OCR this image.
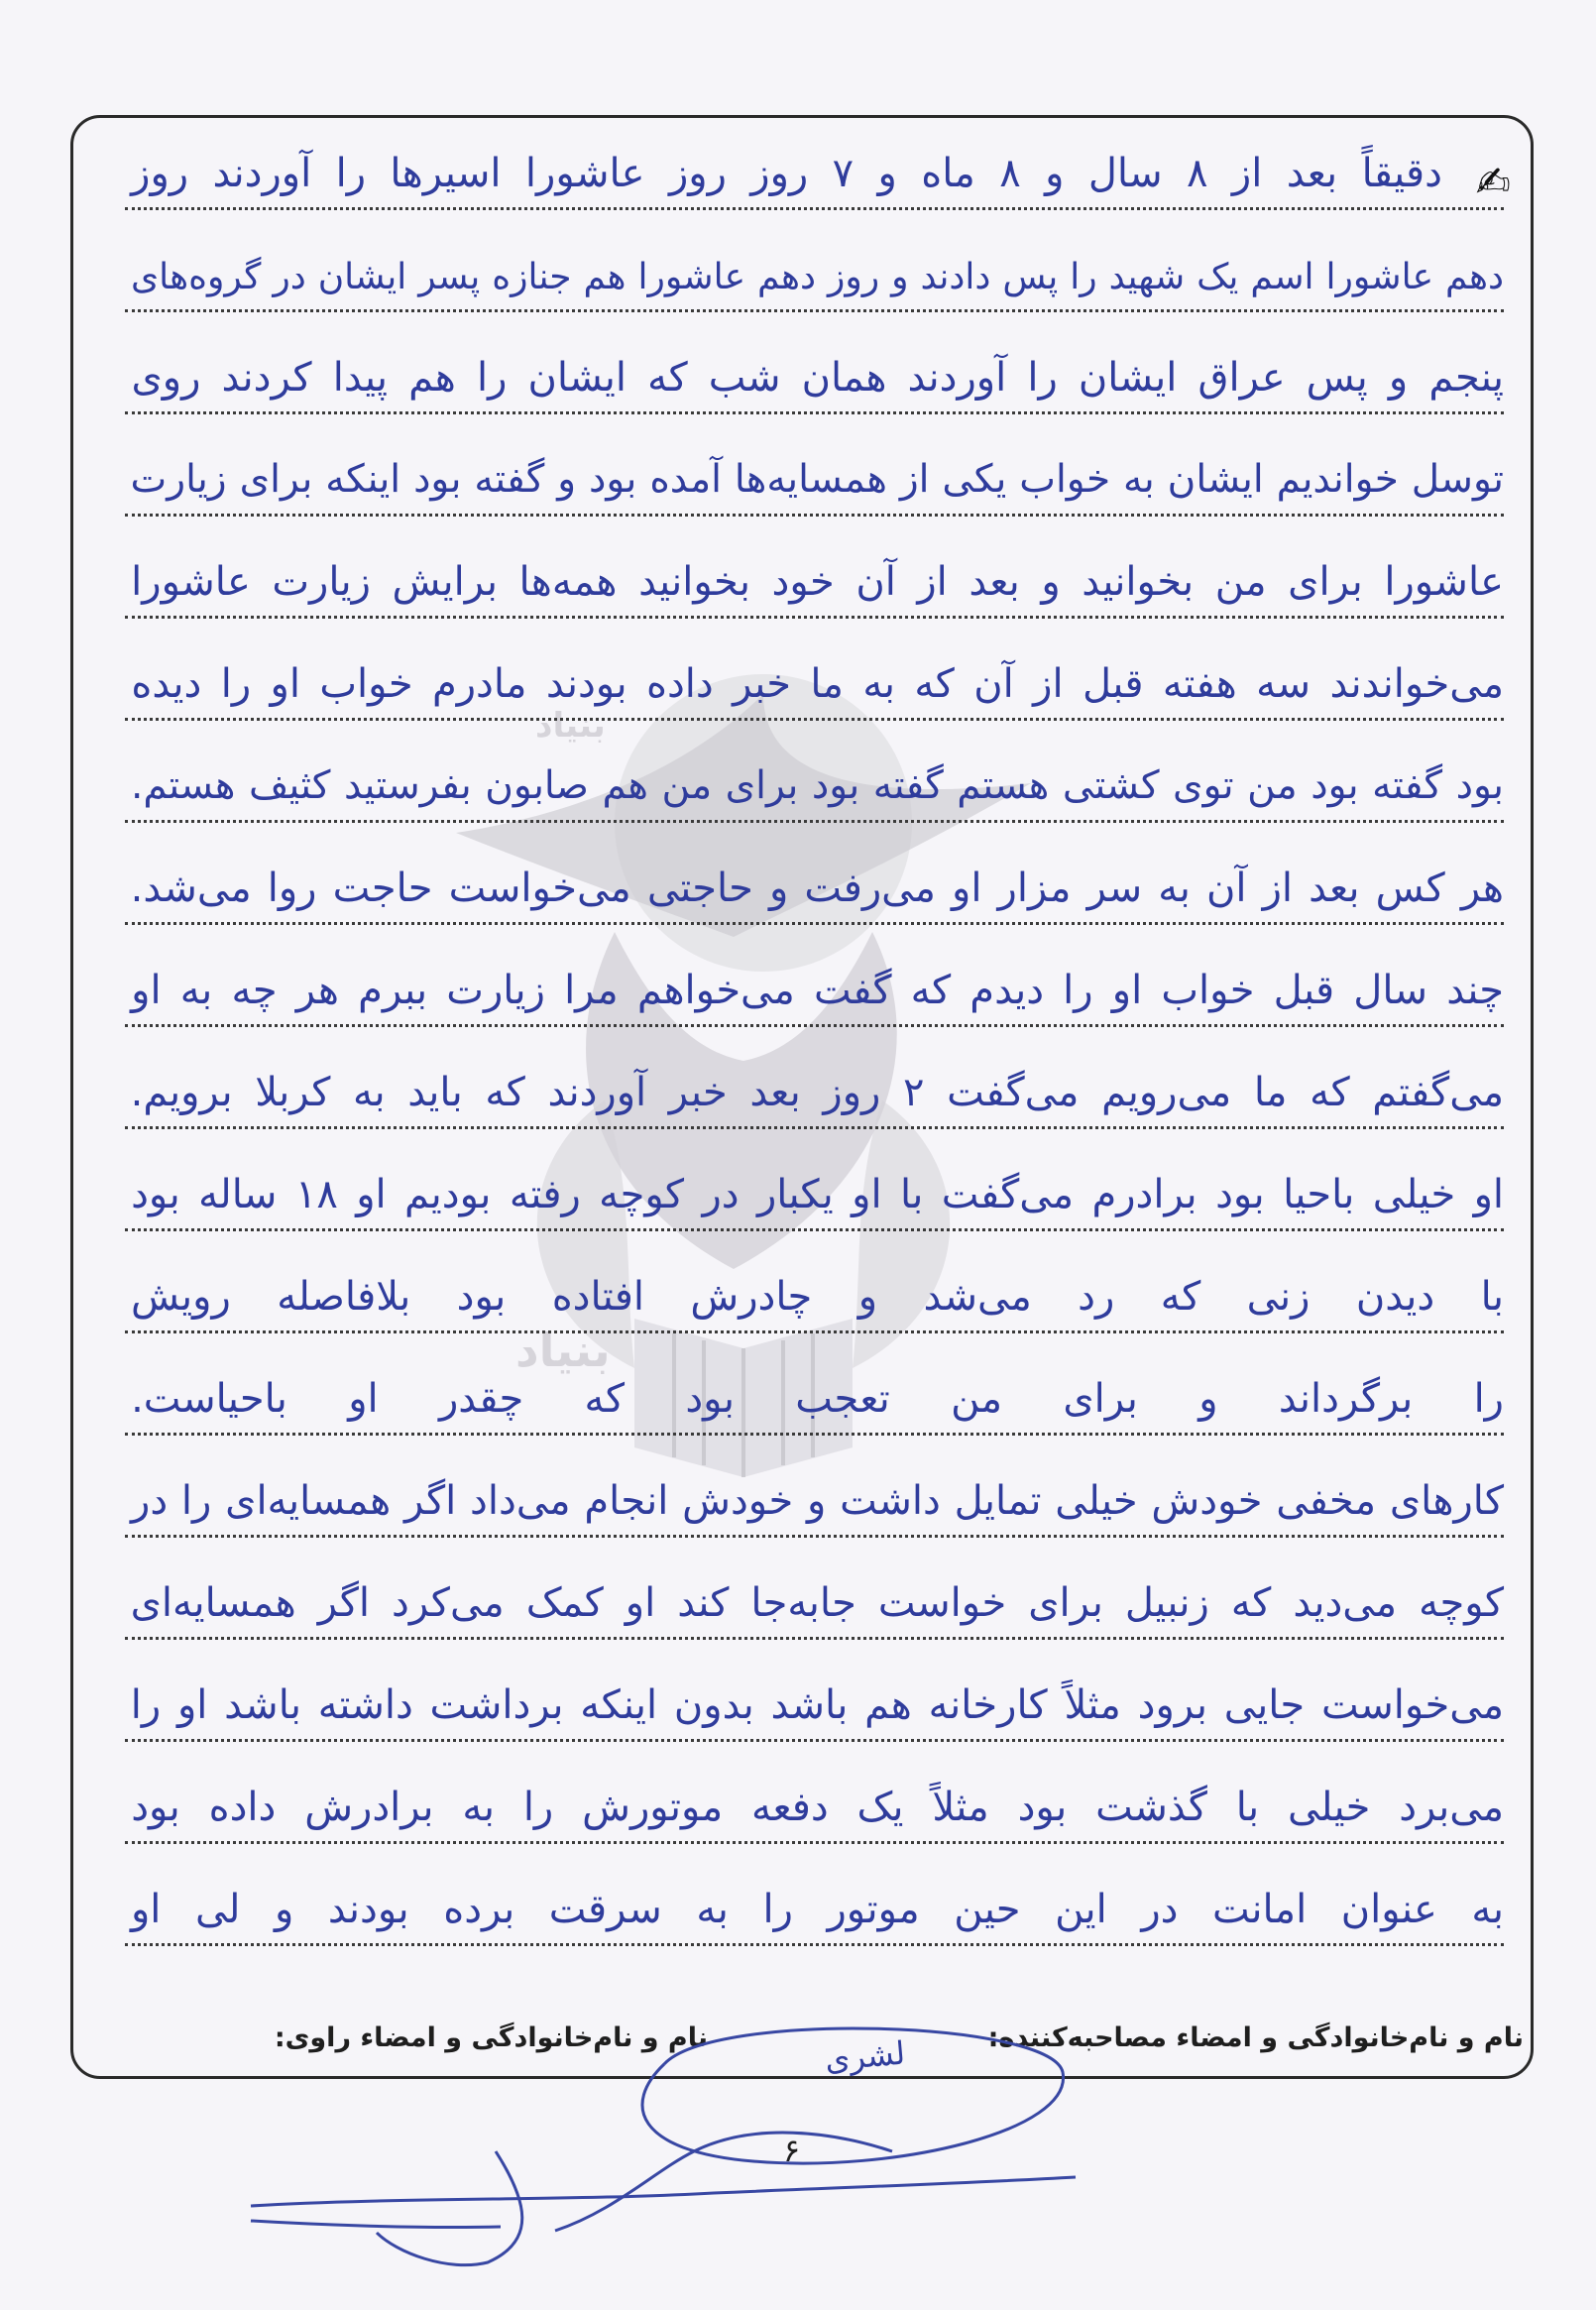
بنیاد
بنیاد
✍
دقیقاً بعد از ۸ سال و ۸ ماه و ۷ روز روز عاشورا اسیرها را آوردند روز
دهم عاشورا اسم یک شهید را پس دادند و روز دهم عاشورا هم جنازه پسر ایشان در گروه‌های
پنجم و پس عراق ایشان را آوردند همان شب که ایشان را هم پیدا کردند روی
توسل خواندیم ایشان به خواب یکی از همسایه‌ها آمده بود و گفته بود اینکه برای زیارت
عاشورا برای من بخوانید و بعد از آن خود بخوانید همه‌ها برایش زیارت عاشورا
می‌خواندند سه هفته قبل از آن که به ما خبر داده بودند مادرم خواب او را دیده
بود گفته بود من توی کشتی هستم گفته بود برای من هم صابون بفرستید کثیف هستم.
هر کس بعد از آن به سر مزار او می‌رفت و حاجتی می‌خواست حاجت روا می‌شد.
چند سال قبل خواب او را دیدم که گفت می‌خواهم مرا زیارت ببرم هر چه به او
می‌گفتم که ما می‌رویم می‌گفت ۲ روز بعد خبر آوردند که باید به کربلا برویم.
او خیلی باحیا بود برادرم می‌گفت با او یکبار در کوچه رفته بودیم او ۱۸ ساله بود
با دیدن زنی که رد می‌شد و چادرش افتاده بود بلافاصله رویش
را برگرداند و برای من تعجب بود که چقدر او باحیاست.
کارهای مخفی خودش خیلی تمایل داشت و خودش انجام می‌داد اگر همسایه‌ای را در
کوچه می‌دید که زنبیل برای خواست جابه‌جا کند او کمک می‌کرد اگر همسایه‌ای
می‌خواست جایی برود مثلاً کارخانه هم باشد بدون اینکه برداشت داشته باشد او را
می‌برد خیلی با گذشت بود مثلاً یک دفعه موتورش را به برادرش داده بود
به عنوان امانت در این حین موتور را به سرقت برده بودند و لی او
نام و نام‌خانوادگی و امضاء مصاحبه‌کننده:
لشری
نام و نام‌خانوادگی و امضاء راوی:
۶
